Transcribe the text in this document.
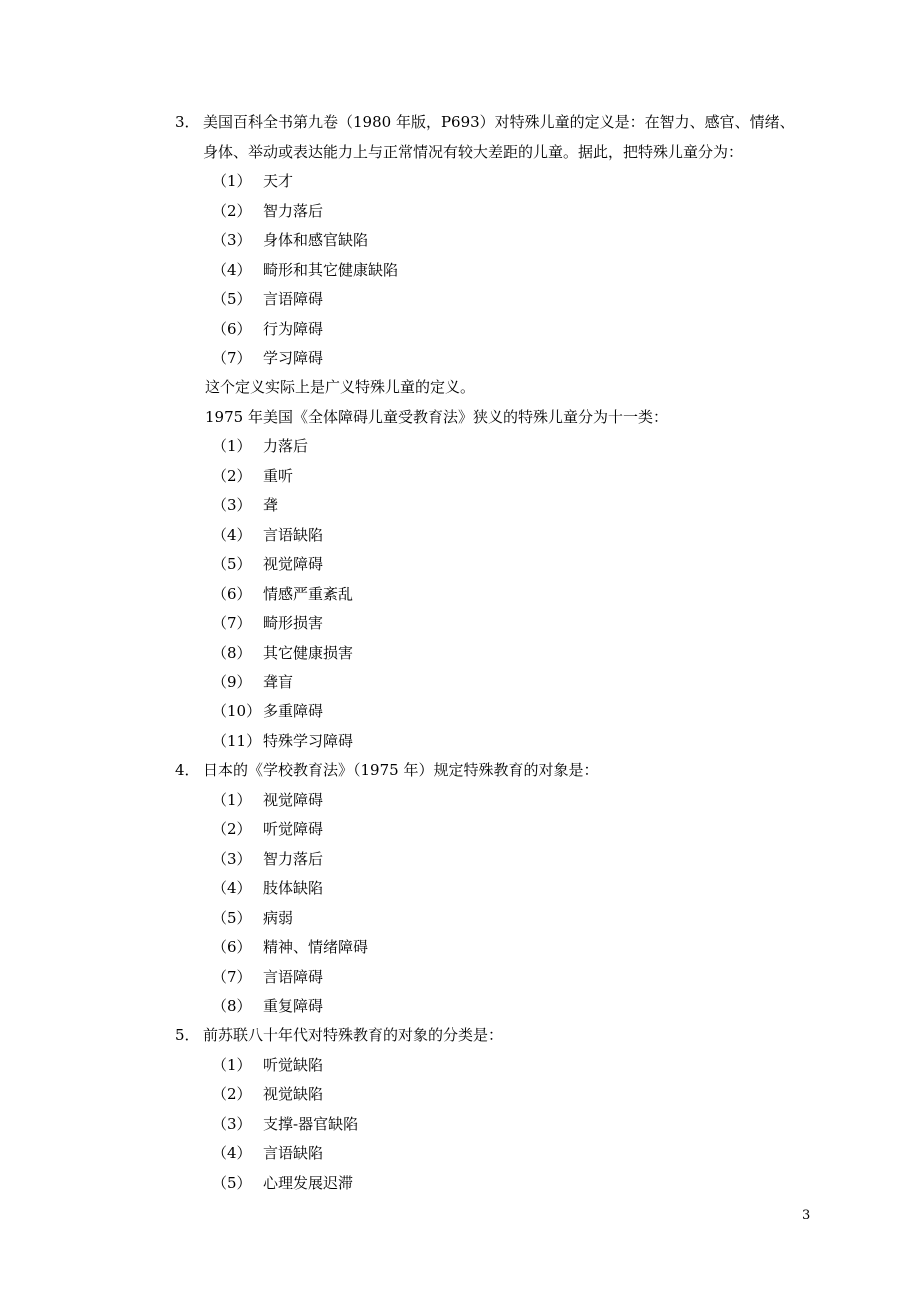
3． 美国百科全书第九卷（1980 年版，P693）对特殊儿童的定义是：在智力、感官、情绪、
身体、举动或表达能力上与正常情况有较大差距的儿童。据此，把特殊儿童分为：
（1） 天才
（2） 智力落后
（3） 身体和感官缺陷
（4） 畸形和其它健康缺陷
（5） 言语障碍
（6） 行为障碍
（7） 学习障碍
这个定义实际上是广义特殊儿童的定义。
1975 年美国《全体障碍儿童受教育法》狭义的特殊儿童分为十一类：
（1） 力落后
（2） 重听
（3） 聋
（4） 言语缺陷
（5） 视觉障碍
（6） 情感严重紊乱
（7） 畸形损害
（8） 其它健康损害
（9） 聋盲
（10） 多重障碍
（11） 特殊学习障碍
4． 日本的《学校教育法》（1975 年）规定特殊教育的对象是：
（1） 视觉障碍
（2） 听觉障碍
（3） 智力落后
（4） 肢体缺陷
（5） 病弱
（6） 精神、情绪障碍
（7） 言语障碍
（8） 重复障碍
5． 前苏联八十年代对特殊教育的对象的分类是：
（1） 听觉缺陷
（2） 视觉缺陷
（3） 支撑-器官缺陷
（4） 言语缺陷
（5） 心理发展迟滞
3
